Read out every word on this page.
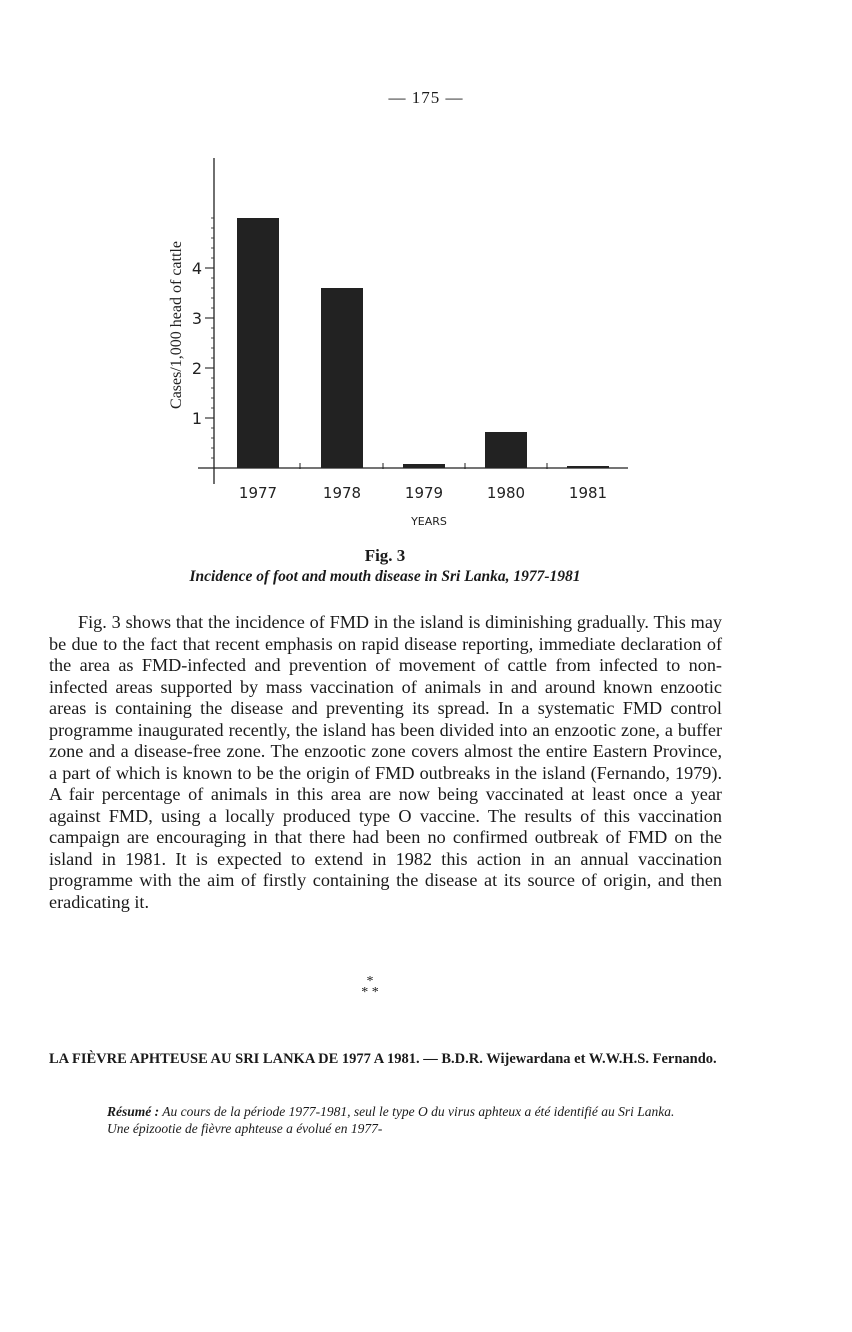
— 175 —
1
2
3
4
Cases/1,000 head of cattle
1977	1978	1979	1980	1981
YEARS
Fig. 3
Incidence of foot and mouth disease in Sri Lanka, 1977-1981

Fig. 3 shows that the incidence of FMD in the island is diminishing gradually. This may be due to the fact that recent emphasis on rapid disease reporting, immediate declaration of the area as FMD-infected and prevention of movement of cattle from infected to non-infected areas supported by mass vaccination of animals in and around known enzootic areas is containing the disease and preventing its spread. In a systematic FMD control programme inaugurated recently, the island has been divided into an enzootic zone, a buffer zone and a disease-free zone. The enzootic zone covers almost the entire Eastern Province, a part of which is known to be the origin of FMD outbreaks in the island (Fernando, 1979). A fair percentage of animals in this area are now being vaccinated at least once a year against FMD, using a locally produced type O vaccine. The results of this vaccination campaign are encouraging in that there had been no confirmed outbreak of FMD on the island in 1981. It is expected to extend in 1982 this action in an annual vaccination programme with the aim of firstly containing the disease at its source of origin, and then eradicating it.

*
* *

LA FIÈVRE APHTEUSE AU SRI LANKA DE 1977 A 1981. — B.D.R. Wijewardana et W.W.H.S. Fernando.

Résumé : Au cours de la période 1977-1981, seul le type O du virus aphteux a été identifié au Sri Lanka. Une épizootie de fièvre aphteuse a évolué en 1977-
